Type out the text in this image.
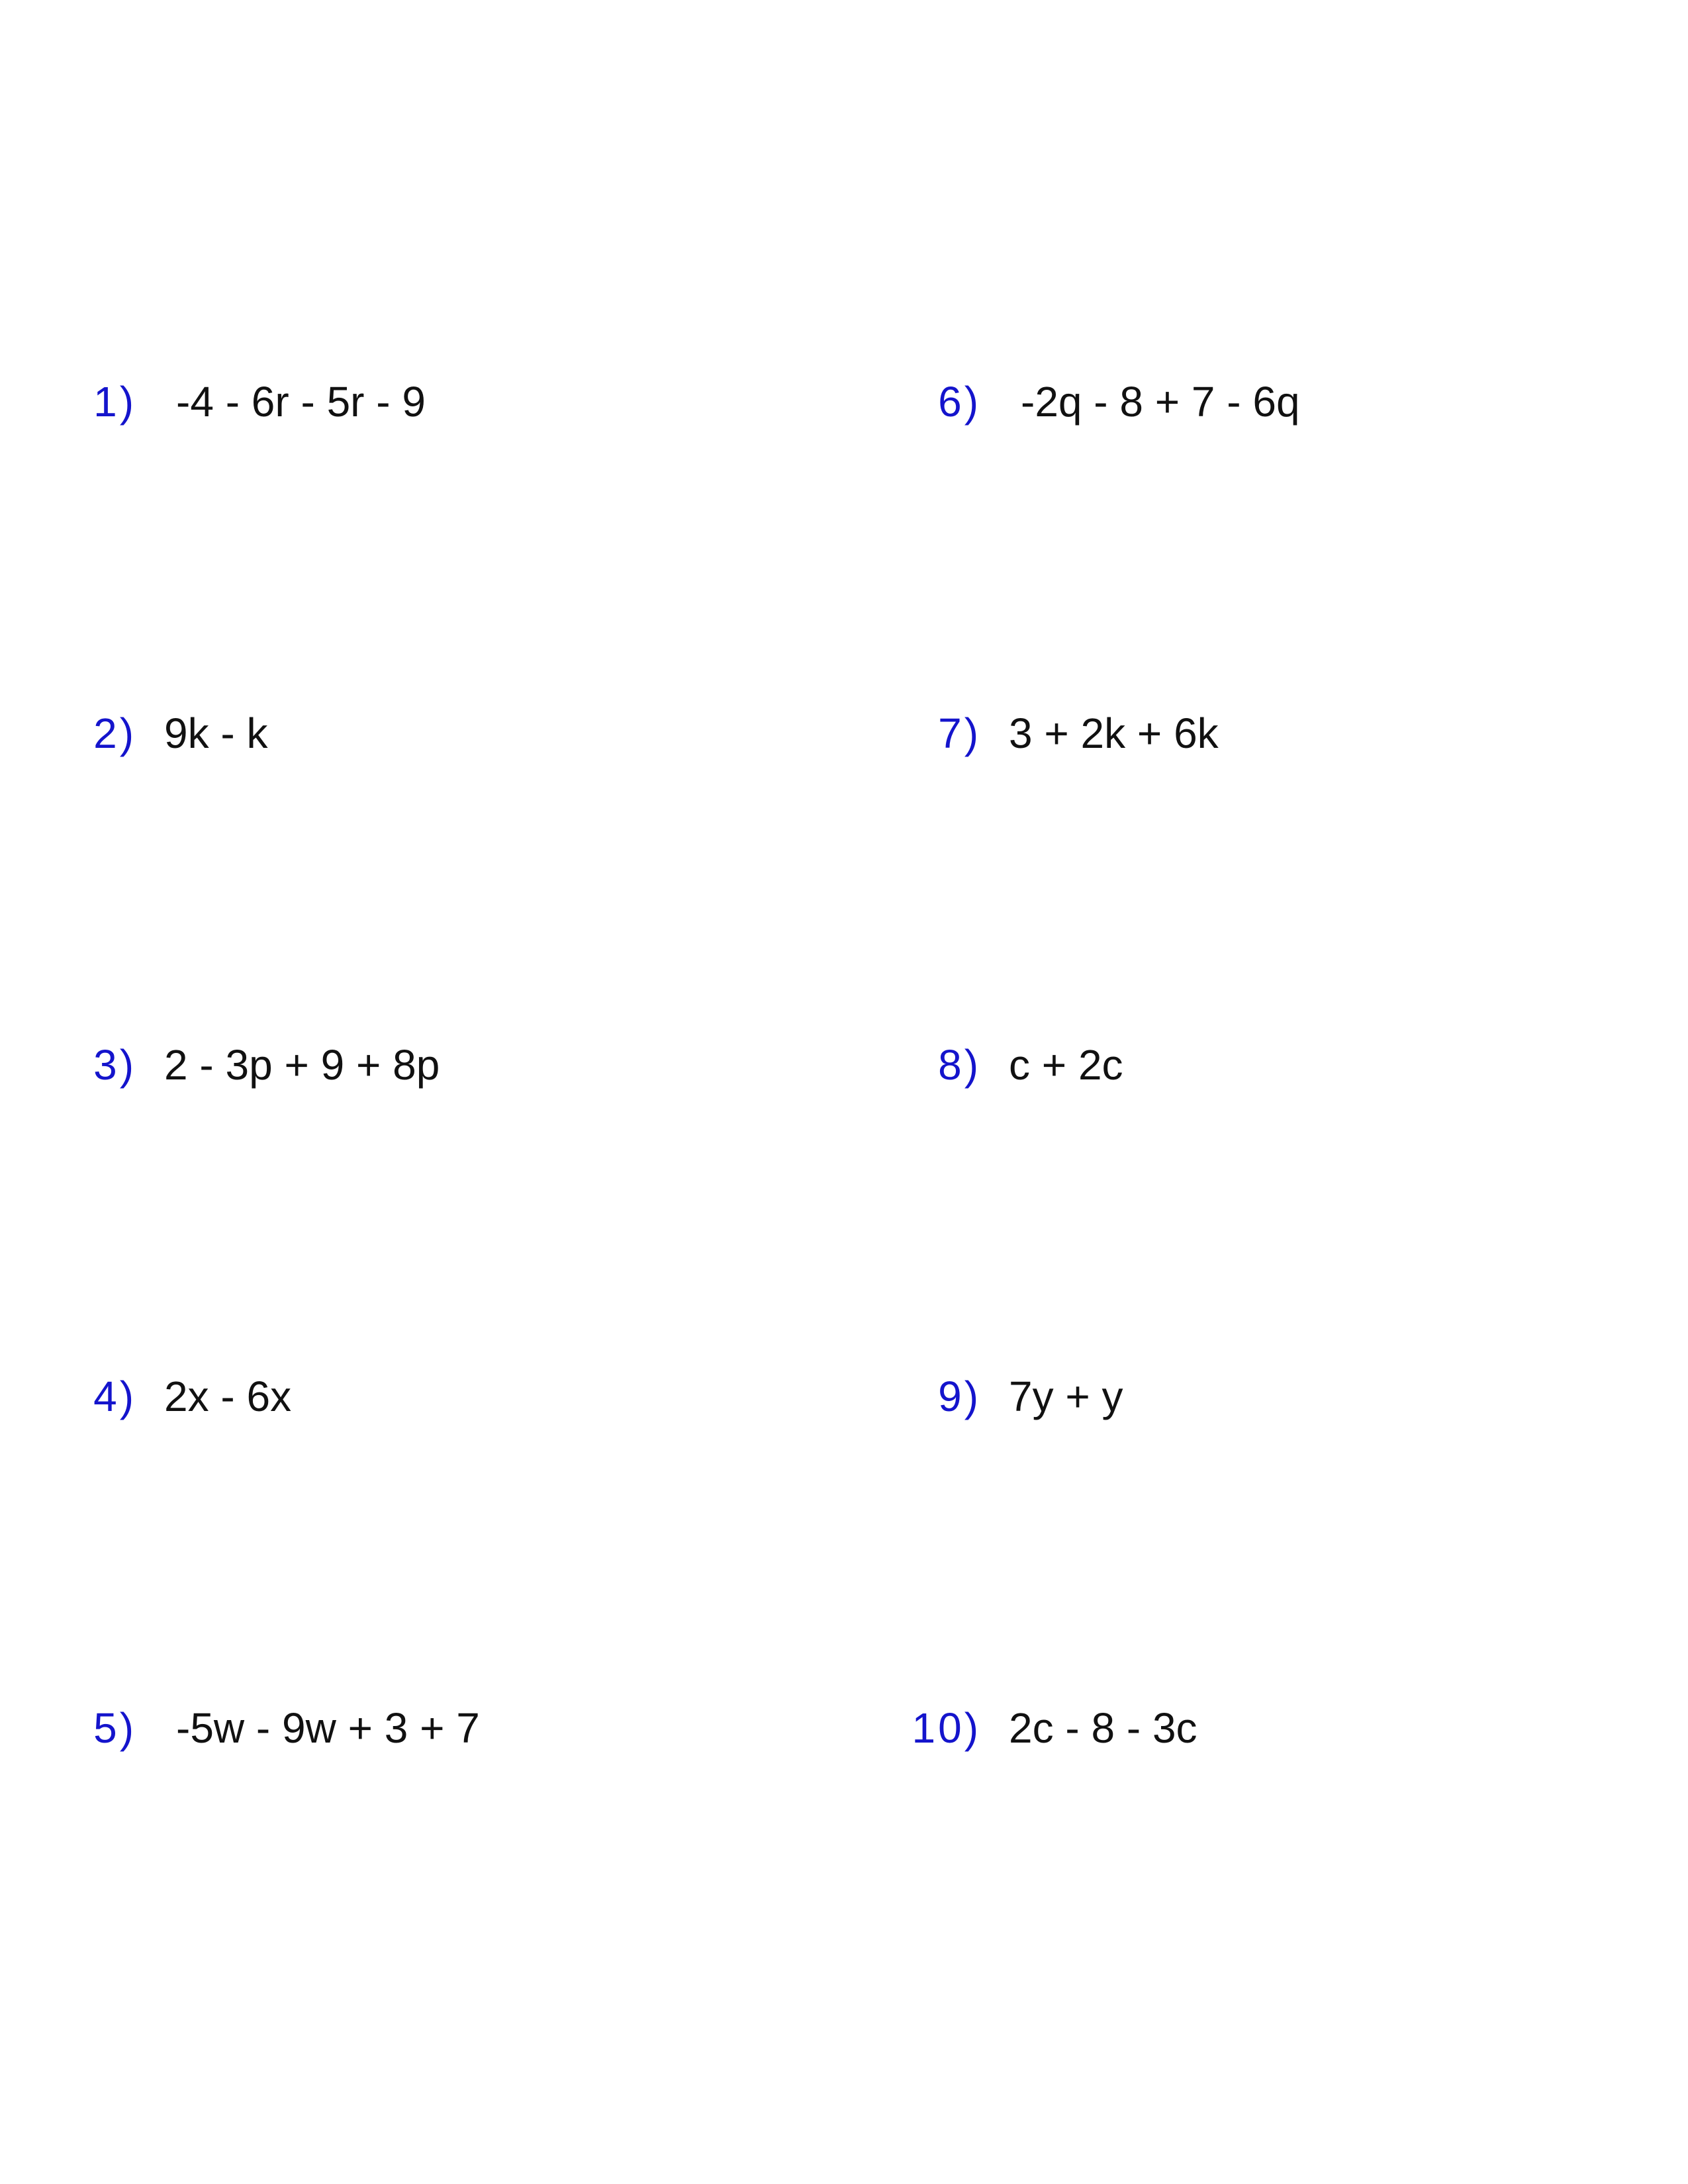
1) -4 - 6r - 5r - 9
2) 9k - k
3) 2 - 3p + 9 + 8p
4) 2x - 6x
5) -5w - 9w + 3 + 7
6) -2q - 8 + 7 - 6q
7) 3 + 2k + 6k
8) c + 2c
9) 7y + y
10) 2c - 8 - 3c
